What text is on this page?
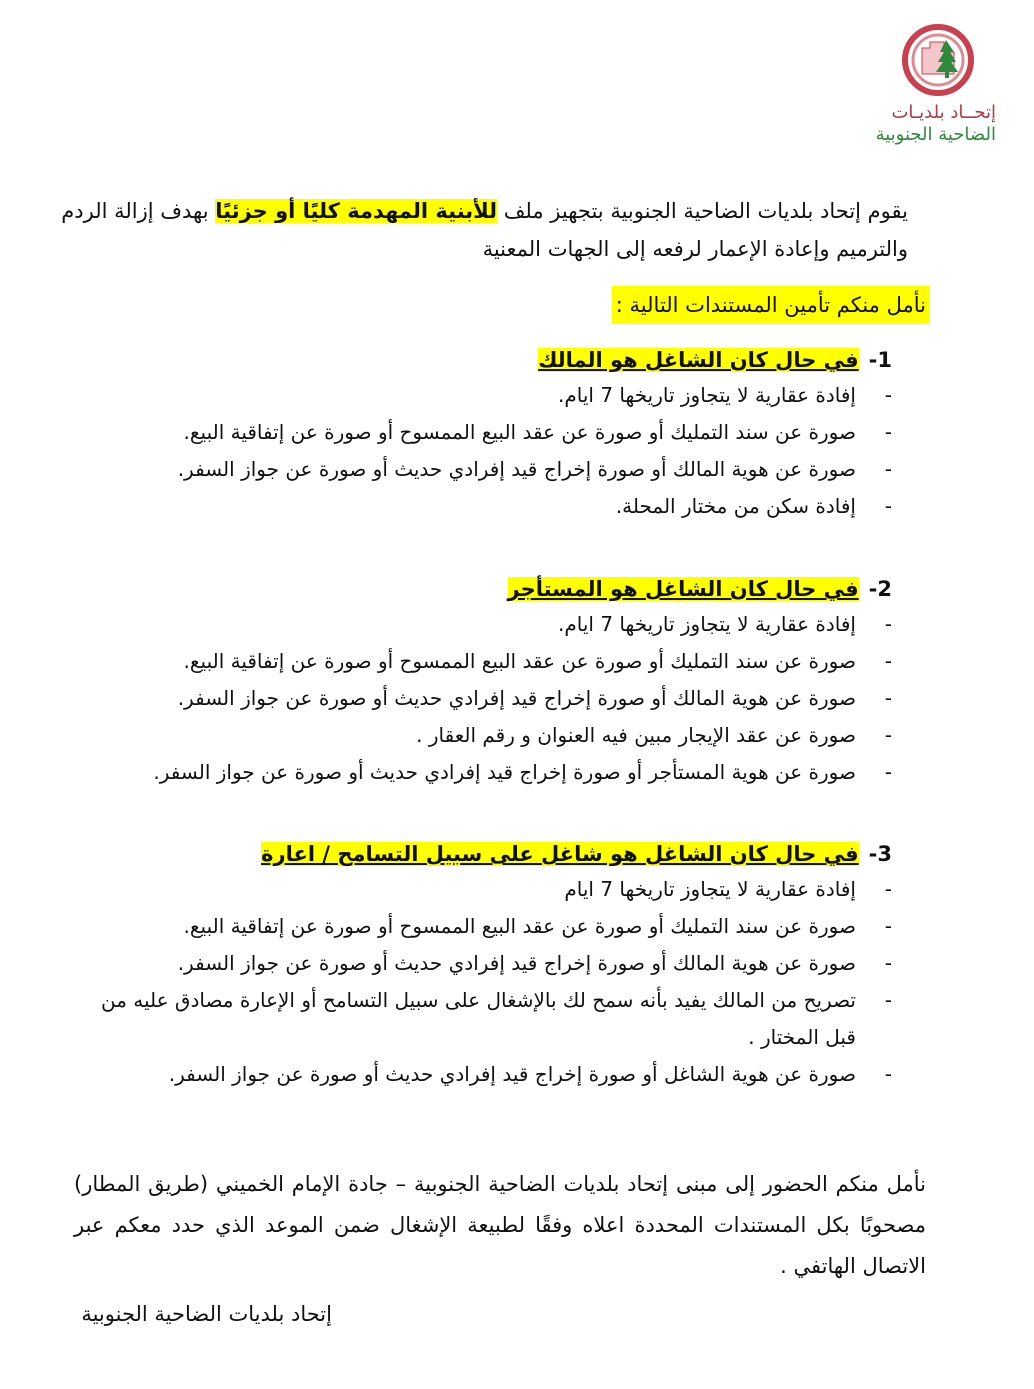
إتحــاد بلديـات
الضاحية الجنوبية
يقوم إتحاد بلديات الضاحية الجنوبية بتجهيز ملف للأبنية المهدمة كليًا أو جزئيًا بهدف إزالة الردم
والترميم وإعادة الإعمار لرفعه إلى الجهات المعنية
نأمل منكم تأمين المستندات التالية :
1-في حال كان الشاغل هو المالك
-
إفادة عقارية لا يتجاوز تاريخها 7 ايام.
-
صورة عن سند التمليك أو صورة عن عقد البيع الممسوح أو صورة عن إتفاقية البيع.
-
صورة عن هوية المالك أو صورة إخراج قيد إفرادي حديث أو صورة عن جواز السفر.
-
إفادة سكن من مختار المحلة.
2-في حال كان الشاغل هو المستأجر
-
إفادة عقارية لا يتجاوز تاريخها 7 ايام.
-
صورة عن سند التمليك أو صورة عن عقد البيع الممسوح أو صورة عن إتفاقية البيع.
-
صورة عن هوية المالك أو صورة إخراج قيد إفرادي حديث أو صورة عن جواز السفر.
-
صورة عن عقد الإيجار مبين فيه العنوان و رقم العقار .
-
صورة عن هوية المستأجر أو صورة إخراج قيد إفرادي حديث أو صورة عن جواز السفر.
3-في حال كان الشاغل هو شاغل على سبيل التسامح / اعارة
-
إفادة عقارية لا يتجاوز تاريخها 7 ايام
-
صورة عن سند التمليك أو صورة عن عقد البيع الممسوح أو صورة عن إتفاقية البيع.
-
صورة عن هوية المالك أو صورة إخراج قيد إفرادي حديث أو صورة عن جواز السفر.
-
تصريح من المالك يفيد بأنه سمح لك بالإشغال على سبيل التسامح أو الإعارة مصادق عليه من قبل المختار .
-
صورة عن هوية الشاغل أو صورة إخراج قيد إفرادي حديث أو صورة عن جواز السفر.
نأمل منكم الحضور إلى مبنى إتحاد بلديات الضاحية الجنوبية – جادة الإمام الخميني (طريق المطار) مصحوبًا بكل المستندات المحددة اعلاه وفقًا لطبيعة الإشغال ضمن الموعد الذي حدد معكم عبر الاتصال الهاتفي .
إتحاد بلديات الضاحية الجنوبية
